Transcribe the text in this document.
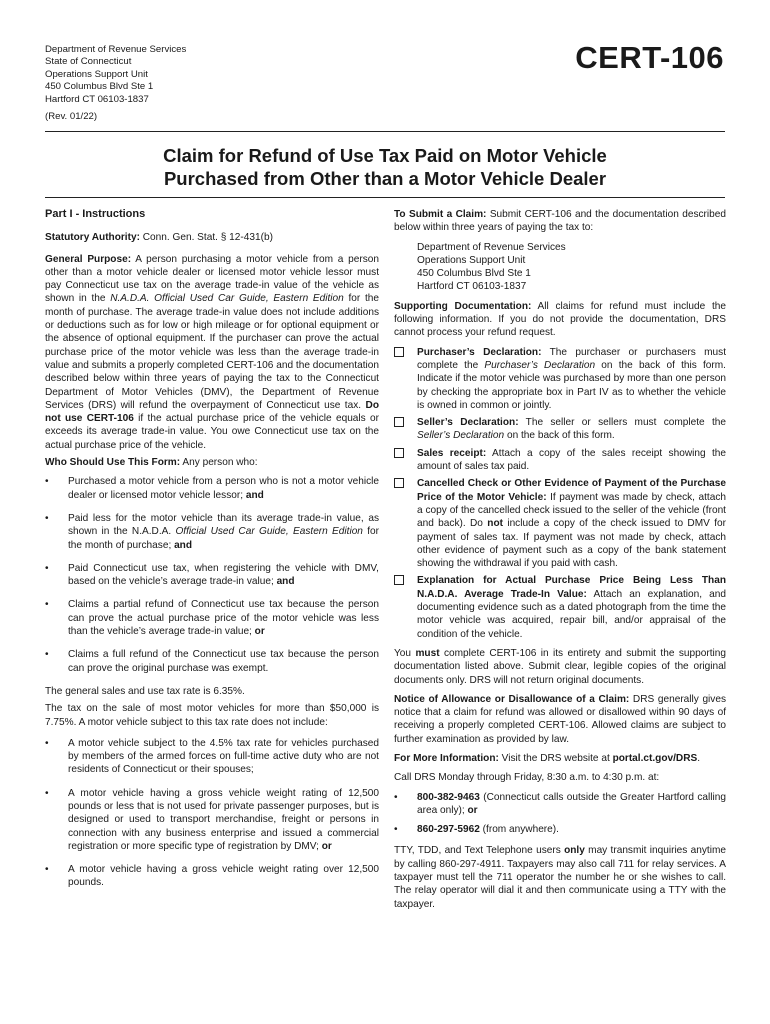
Department of Revenue Services
State of Connecticut
Operations Support Unit
450 Columbus Blvd Ste 1
Hartford CT 06103-1837
(Rev. 01/22)
CERT-106
Claim for Refund of Use Tax Paid on Motor Vehicle
Purchased from Other than a Motor Vehicle Dealer
Part I - Instructions

Statutory Authority: Conn. Gen. Stat. § 12-431(b)

General Purpose: A person purchasing a motor vehicle from a person other than a motor vehicle dealer or licensed motor vehicle lessor must pay Connecticut use tax on the average trade-in value of the vehicle as shown in the N.A.D.A. Official Used Car Guide, Eastern Edition for the month of purchase. The average trade-in value does not include additions or deductions such as for low or high mileage or for optional equipment or the absence of optional equipment. If the purchaser can prove the actual purchase price of the motor vehicle was less than the average trade-in value and submits a properly completed CERT-106 and the documentation described below within three years of paying the tax to the Connecticut Department of Motor Vehicles (DMV), the Department of Revenue Services (DRS) will refund the overpayment of Connecticut use tax. Do not use CERT-106 if the actual purchase price of the vehicle equals or exceeds its average trade-in value. You owe Connecticut use tax on the actual purchase price of the vehicle.

Who Should Use This Form: Any person who:

• Purchased a motor vehicle from a person who is not a motor vehicle dealer or licensed motor vehicle lessor; and
• Paid less for the motor vehicle than its average trade-in value, as shown in the N.A.D.A. Official Used Car Guide, Eastern Edition for the month of purchase; and
• Paid Connecticut use tax, when registering the vehicle with DMV, based on the vehicle’s average trade-in value; and
• Claims a partial refund of Connecticut use tax because the person can prove the actual purchase price of the motor vehicle was less than the vehicle’s average trade-in value; or
• Claims a full refund of the Connecticut use tax because the person can prove the original purchase was exempt.

The general sales and use tax rate is 6.35%.

The tax on the sale of most motor vehicles for more than $50,000 is 7.75%. A motor vehicle subject to this tax rate does not include:

• A motor vehicle subject to the 4.5% tax rate for vehicles purchased by members of the armed forces on full-time active duty who are not residents of Connecticut or their spouses;
• A motor vehicle having a gross vehicle weight rating of 12,500 pounds or less that is not used for private passenger purposes, but is designed or used to transport merchandise, freight or persons in connection with any business enterprise and issued a commercial registration or more specific type of registration by DMV; or
• A motor vehicle having a gross vehicle weight rating over 12,500 pounds.

To Submit a Claim: Submit CERT-106 and the documentation described below within three years of paying the tax to:

Department of Revenue Services
Operations Support Unit
450 Columbus Blvd Ste 1
Hartford CT 06103-1837

Supporting Documentation: All claims for refund must include the following information. If you do not provide the documentation, DRS cannot process your refund request.

Purchaser’s Declaration: The purchaser or purchasers must complete the Purchaser’s Declaration on the back of this form. Indicate if the motor vehicle was purchased by more than one person by checking the appropriate box in Part IV as to whether the vehicle is owned in common or jointly.
Seller’s Declaration: The seller or sellers must complete the Seller’s Declaration on the back of this form.
Sales receipt: Attach a copy of the sales receipt showing the amount of sales tax paid.
Cancelled Check or Other Evidence of Payment of the Purchase Price of the Motor Vehicle: If payment was made by check, attach a copy of the cancelled check issued to the seller of the vehicle (front and back). Do not include a copy of the check issued to DMV for payment of sales tax. If payment was not made by check, attach other evidence of payment such as a copy of the bank statement showing the withdrawal if you paid with cash.
Explanation for Actual Purchase Price Being Less Than N.A.D.A. Average Trade-In Value: Attach an explanation, and documenting evidence such as a dated photograph from the time the motor vehicle was acquired, repair bill, and/or appraisal of the condition of the vehicle.

You must complete CERT-106 in its entirety and submit the supporting documentation listed above. Submit clear, legible copies of the original documents only. DRS will not return original documents.

Notice of Allowance or Disallowance of a Claim: DRS generally gives notice that a claim for refund was allowed or disallowed within 90 days of receiving a properly completed CERT-106. Allowed claims are subject to further examination as provided by law.

For More Information: Visit the DRS website at portal.ct.gov/DRS.

Call DRS Monday through Friday, 8:30 a.m. to 4:30 p.m. at:

• 800-382-9463 (Connecticut calls outside the Greater Hartford calling area only); or
• 860-297-5962 (from anywhere).

TTY, TDD, and Text Telephone users only may transmit inquiries anytime by calling 860-297-4911. Taxpayers may also call 711 for relay services. A taxpayer must tell the 711 operator the number he or she wishes to call. The relay operator will dial it and then communicate using a TTY with the taxpayer.
